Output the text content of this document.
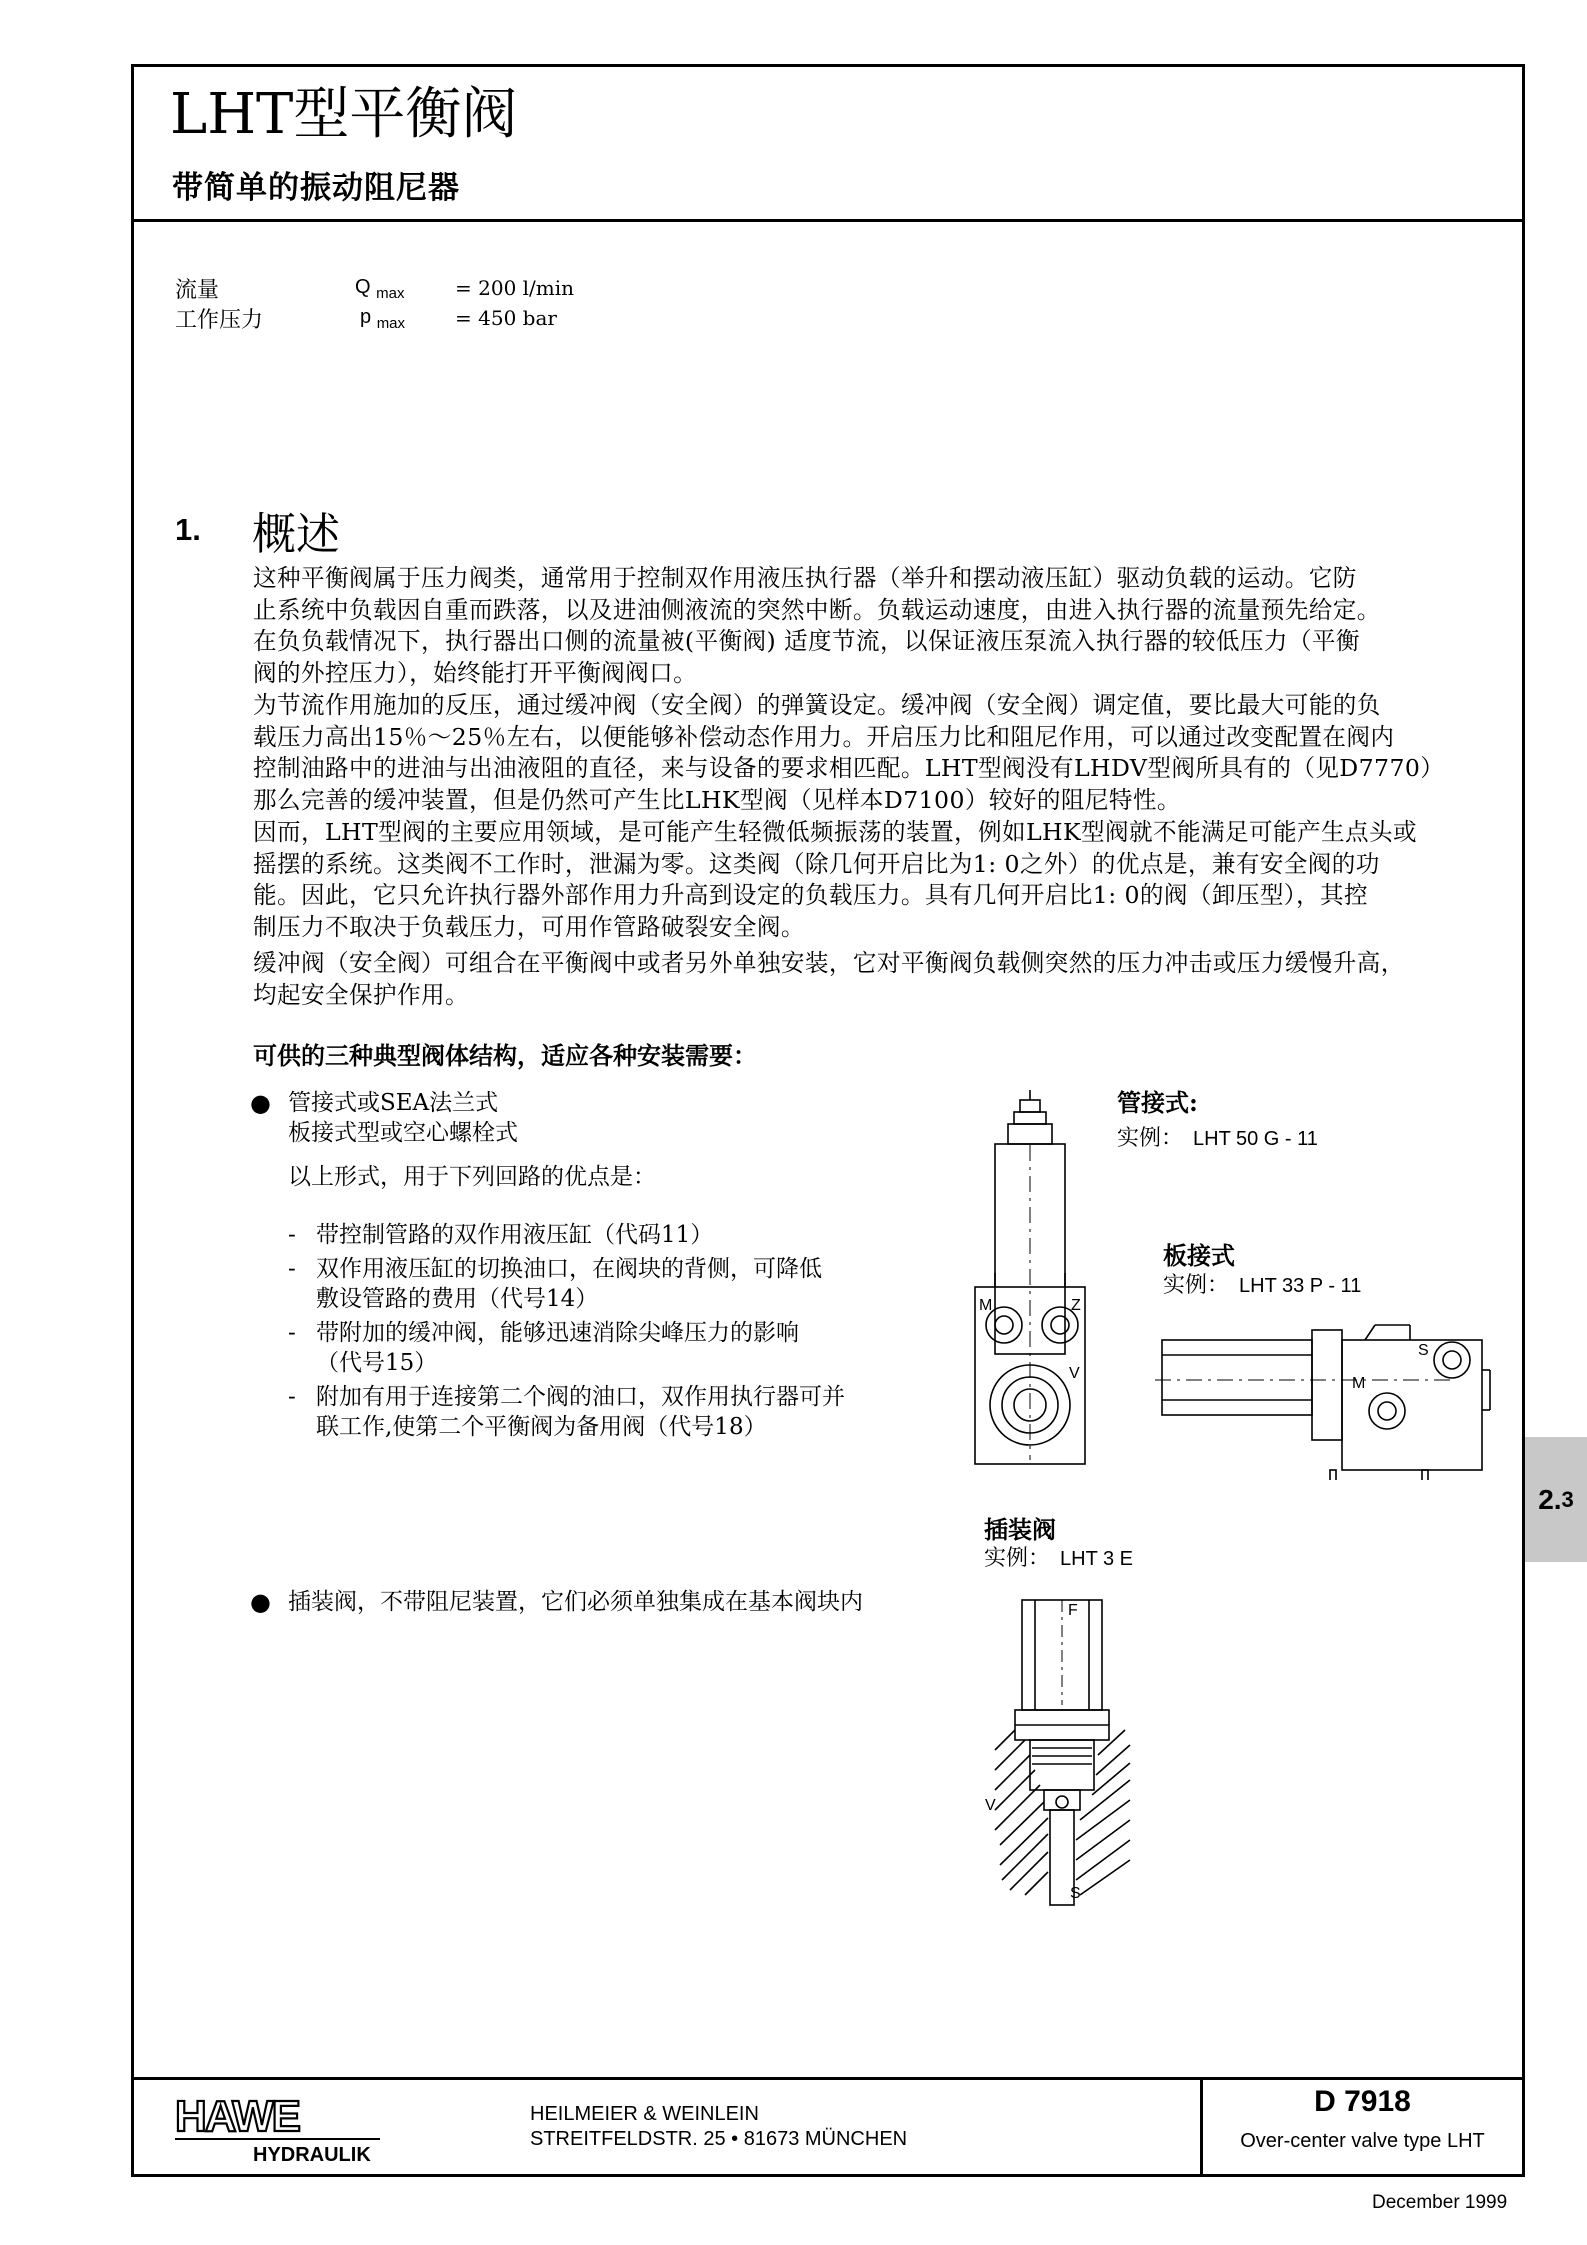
LHT型平衡阀
带简单的振动阻尼器
流量	Q $_{max}$	= 200 l/min
工作压力	p $_{max}$ = 450 bar
1. 概述
这种平衡阀属于压力阀类，通常用于控制双作用液压执行器（举升和摆动液压缸）驱动负载的运动。它防
止系统中负载因自重而跌落，以及进油侧液流的突然中断。负载运动速度，由进入执行器的流量预先给定。
在负负载情况下，执行器出口侧的流量被(平衡阀) 适度节流，以保证液压泵流入执行器的较低压力（平衡
阀的外控压力），始终能打开平衡阀阀口。
为节流作用施加的反压，通过缓冲阀（安全阀）的弹簧设定。缓冲阀（安全阀）调定值，要比最大可能的负
载压力高出15％～25％左右，以便能够补偿动态作用力。开启压力比和阻尼作用，可以通过改变配置在阀内
控制油路中的进油与出油液阻的直径，来与设备的要求相匹配。LHT型阀没有LHDV型阀所具有的（见D7770）
那么完善的缓冲装置，但是仍然可产生比LHK型阀（见样本D7100）较好的阻尼特性。
因而，LHT型阀的主要应用领域，是可能产生轻微低频振荡的装置，例如LHK型阀就不能满足可能产生点头或
摇摆的系统。这类阀不工作时，泄漏为零。这类阀（除几何开启比为1: 0之外）的优点是，兼有安全阀的功
能。因此，它只允许执行器外部作用力升高到设定的负载压力。具有几何开启比1: 0的阀（卸压型），其控
制压力不取决于负载压力，可用作管路破裂安全阀。
缓冲阀（安全阀）可组合在平衡阀中或者另外单独安装，它对平衡阀负载侧突然的压力冲击或压力缓慢升高，
均起安全保护作用。
可供的三种典型阀体结构，适应各种安装需要：
● 管接式或SEA法兰式
板接式型或空心螺栓式
以上形式，用于下列回路的优点是：
- 带控制管路的双作用液压缸（代码11）
- 双作用液压缸的切换油口，在阀块的背侧，可降低
敷设管路的费用（代号14）
- 带附加的缓冲阀，能够迅速消除尖峰压力的影响
（代号15）
- 附加有用于连接第二个阀的油口，双作用执行器可并
联工作,使第二个平衡阀为备用阀（代号18）
● 插装阀，不带阻尼装置，它们必须单独集成在基本阀块内
管接式:
实例： LHT 50 G - 11
板接式
实例： LHT 33 P - 11
插装阀
实例： LHT 3 E
M	Z
V
S
M
F
V
S
2. 3
HAWE
HYDRAULIK
HEILMEIER & WEINLEIN
STREITFELDSTR. 25 • 81673 MÜNCHEN
D 7918
Over-center valve type LHT
December 1999
